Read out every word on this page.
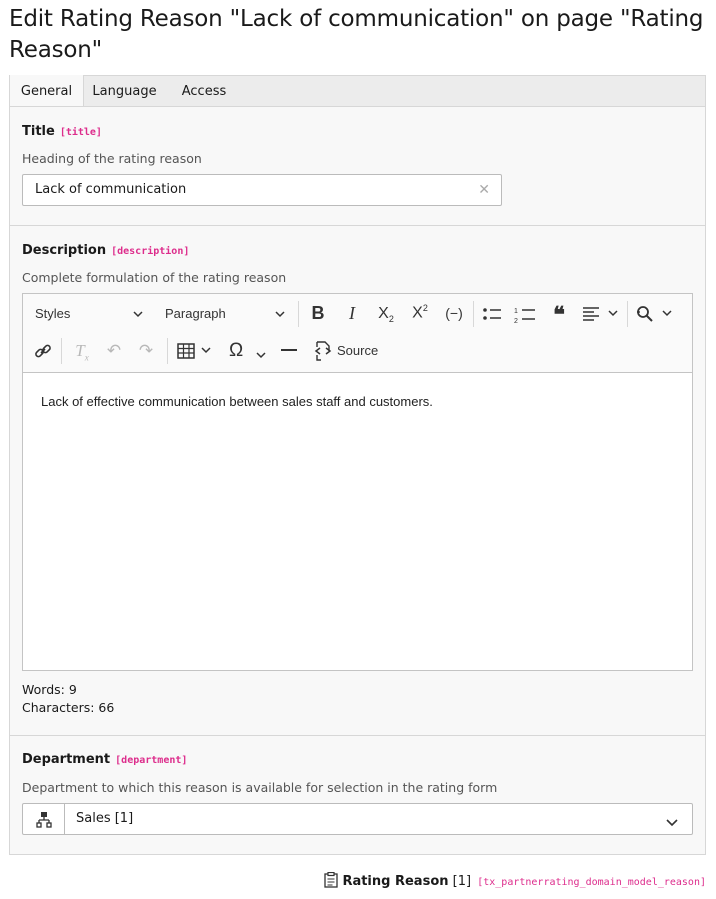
Edit Rating Reason "Lack of communication" on page "Rating Reason"
General	Language	Access
Title [title]
Heading of the rating reason
Lack of communication	✕
Description [description]
Complete formulation of the rating reason
Styles	Paragraph	B	I	$X_2$	$X^2$	(−)	1
2 ❝
$T_x$ ↶ ↷	Ω	Source
Lack of effective communication between sales staff and customers.
Words: 9
Characters: 66
Department [department]
Department to which this reason is available for selection in the rating form
Sales [1]
Rating Reason [1] [tx_partnerrating_domain_model_reason]
